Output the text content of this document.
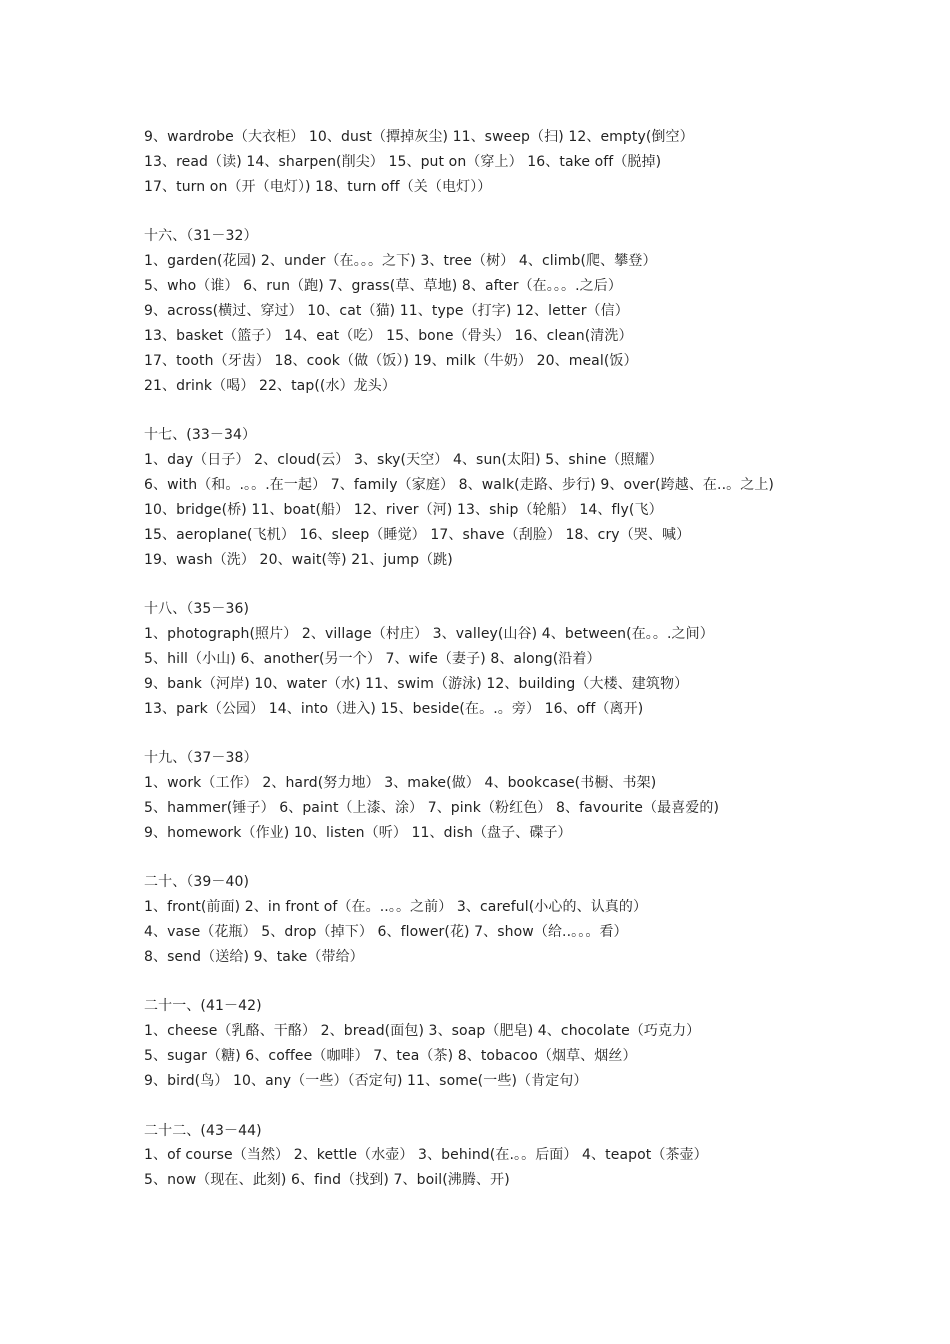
9、wardrobe（大衣柜） 10、dust（撢掉灰尘) 11、sweep（扫) 12、empty(倒空）
13、read（读) 14、sharpen(削尖） 15、put on（穿上） 16、take off（脱掉)
17、turn on（开（电灯）) 18、turn off（关（电灯））
十六、（31－32）
1、garden(花园) 2、under（在。。。之下) 3、tree（树） 4、climb(爬、攀登）
5、who（谁） 6、run（跑) 7、grass(草、草地) 8、after（在。。。.之后）
9、across(横过、穿过） 10、cat（猫) 11、type（打字) 12、letter（信）
13、basket（篮子） 14、eat（吃） 15、bone（骨头） 16、clean(清洗）
17、tooth（牙齿） 18、cook（做（饭）) 19、milk（牛奶） 20、meal(饭）
21、drink（喝） 22、tap((水）龙头）
十七、(33－34）
1、day（日子） 2、cloud(云） 3、sky(天空） 4、sun(太阳) 5、shine（照耀）
6、with（和。.。。.在一起） 7、family（家庭） 8、walk(走路、步行) 9、over(跨越、在..。之上)
10、bridge(桥) 11、boat(船） 12、river（河) 13、ship（轮船） 14、fly(飞）
15、aeroplane(飞机） 16、sleep（睡觉） 17、shave（刮脸） 18、cry（哭、喊）
19、wash（洗） 20、wait(等) 21、jump（跳)
十八、（35－36)
1、photograph(照片） 2、village（村庄） 3、valley(山谷) 4、between(在。。.之间）
5、hill（小山) 6、another(另一个） 7、wife（妻子) 8、along(沿着）
9、bank（河岸) 10、water（水) 11、swim（游泳) 12、building（大楼、建筑物）
13、park（公园） 14、into（进入) 15、beside(在。.。旁） 16、off（离开)
十九、（37－38）
1、work（工作） 2、hard(努力地） 3、make(做） 4、bookcase(书橱、书架)
5、hammer(锤子） 6、paint（上漆、涂） 7、pink（粉红色） 8、favourite（最喜爱的)
9、homework（作业) 10、listen（听） 11、dish（盘子、碟子）
二十、（39－40)
1、front(前面) 2、in front of（在。..。。之前） 3、careful(小心的、认真的）
4、vase（花瓶） 5、drop（掉下） 6、flower(花) 7、show（给..。。。看）
8、send（送给) 9、take（带给）
二十一、(41－42)
1、cheese（乳酪、干酪） 2、bread(面包) 3、soap（肥皂) 4、chocolate（巧克力）
5、sugar（糖) 6、coffee（咖啡） 7、tea（茶) 8、tobacoo（烟草、烟丝）
9、bird(鸟） 10、any（一些）（否定句) 11、some(一些)（肯定句）
二十二、(43－44)
1、of course（当然） 2、kettle（水壶） 3、behind(在.。。后面） 4、teapot（茶壶）
5、now（现在、此刻) 6、find（找到) 7、boil(沸腾、开)
